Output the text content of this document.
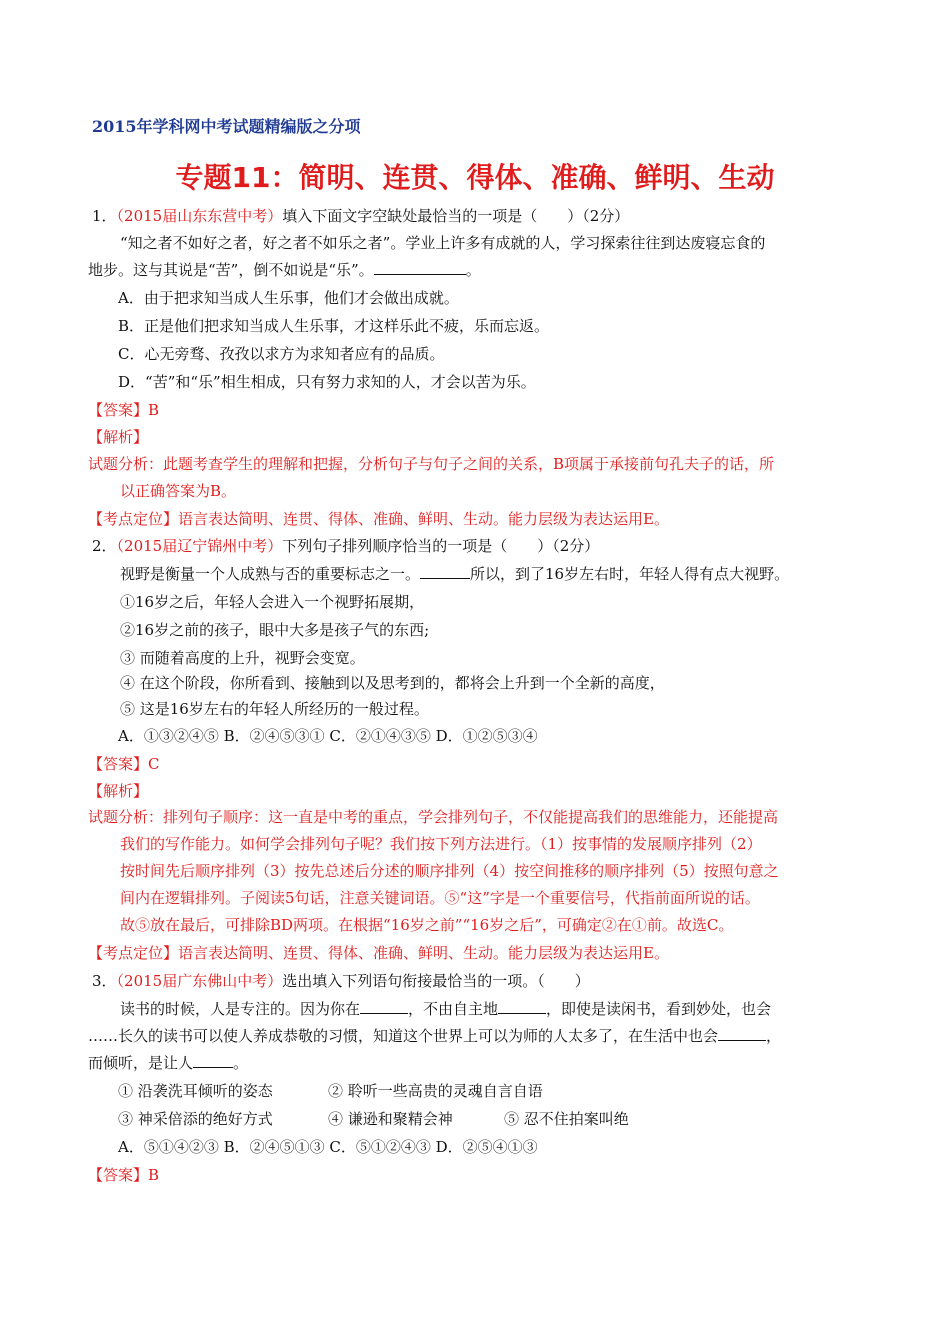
2015年学科网中考试题精编版之分项
专题11：简明、连贯、得体、准确、鲜明、生动
1．（2015届山东东营中考）填入下面文字空缺处最恰当的一项是（　　）（2分）
“知之者不如好之者，好之者不如乐之者”。学业上许多有成就的人，学习探索往往到达废寝忘食的
地步。这与其说是“苦”，倒不如说是“乐”。	。
A．由于把求知当成人生乐事，他们才会做出成就。
B．正是他们把求知当成人生乐事，才这样乐此不疲，乐而忘返。
C．心无旁骛、孜孜以求方为求知者应有的品质。
D．“苦”和“乐”相生相成，只有努力求知的人，才会以苦为乐。
【答案】B
【解析】
试题分析：此题考查学生的理解和把握，分析句子与句子之间的关系，B项属于承接前句孔夫子的话，所
以正确答案为B。
【考点定位】语言表达简明、连贯、得体、准确、鲜明、生动。能力层级为表达运用E。
2．（2015届辽宁锦州中考）下列句子排列顺序恰当的一项是（　　）（2分）
视野是衡量一个人成熟与否的重要标志之一。	所以，到了16岁左右时，年轻人得有点大视野。
①16岁之后，年轻人会进入一个视野拓展期，
②16岁之前的孩子，眼中大多是孩子气的东西;
③ 而随着高度的上升，视野会变宽。
④ 在这个阶段，你所看到、接触到以及思考到的，都将会上升到一个全新的高度，
⑤ 这是16岁左右的年轻人所经历的一般过程。
A．①③②④⑤ B．②④⑤③① C．②①④③⑤ D．①②⑤③④
【答案】C
【解析】
试题分析：排列句子顺序：这一直是中考的重点，学会排列句子，不仅能提高我们的思维能力，还能提高
我们的写作能力。如何学会排列句子呢？我们按下列方法进行。（1）按事情的发展顺序排列（2）
按时间先后顺序排列（3）按先总述后分述的顺序排列（4）按空间推移的顺序排列（5）按照句意之
间内在逻辑排列。子阅读5句话，注意关键词语。⑤“这”字是一个重要信号，代指前面所说的话。
故⑤放在最后，可排除BD两项。在根据“16岁之前”“16岁之后”，可确定②在①前。故选C。
【考点定位】语言表达简明、连贯、得体、准确、鲜明、生动。能力层级为表达运用E。
3．（2015届广东佛山中考）选出填入下列语句衔接最恰当的一项。（　　）
读书的时候，人是专注的。因为你在	，不由自主地	，即使是读闲书，看到妙处，也会
……长久的读书可以使人养成恭敬的习惯，知道这个世界上可以为师的人太多了，在生活中也会	，
而倾听，是让人	。
① 沿袭洗耳倾听的姿态	② 聆听一些高贵的灵魂自言自语
③ 神采倍添的绝好方式	④ 谦逊和聚精会神	⑤ 忍不住拍案叫绝
A．⑤①④②③ B．②④⑤①③ C．⑤①②④③ D．②⑤④①③
【答案】B
